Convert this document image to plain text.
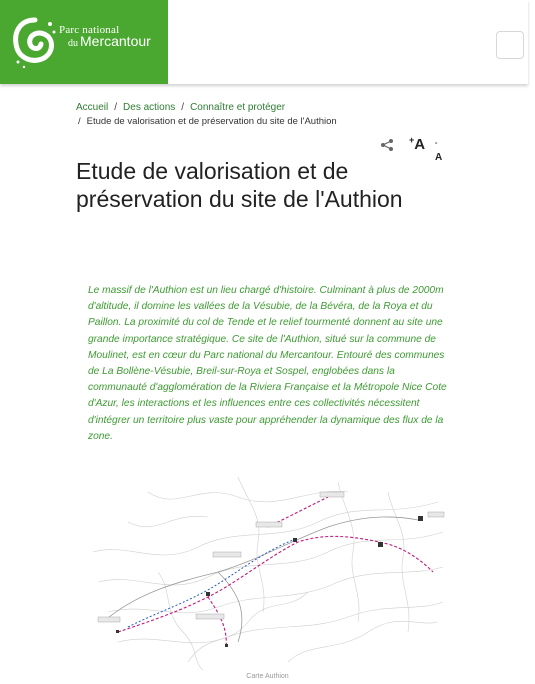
Parc national
du Mercantour
Accueil / Des actions / Connaître et protéger
/ Etude de valorisation et de préservation du site de l'Authion
+A -A
Etude de valorisation et de préservation du site de l'Authion

Le massif de l'Authion est un lieu chargé d'histoire. Culminant à plus de 2000m d'altitude, il domine les vallées de la Vésubie, de la Bévéra, de la Roya et du Paillon. La proximité du col de Tende et le relief tourmenté donnent au site une grande importance stratégique. Ce site de l'Authion, situé sur la commune de Moulinet, est en cœur du Parc national du Mercantour. Entouré des communes de La Bollène-Vésubie, Breil-sur-Roya et Sospel, englobées dans la communauté d'agglomération de la Riviera Française et la Métropole Nice Cote d'Azur, les interactions et les influences entre ces collectivités nécessitent d'intégrer un territoire plus vaste pour appréhender la dynamique des flux de la zone.

Carte Authion
